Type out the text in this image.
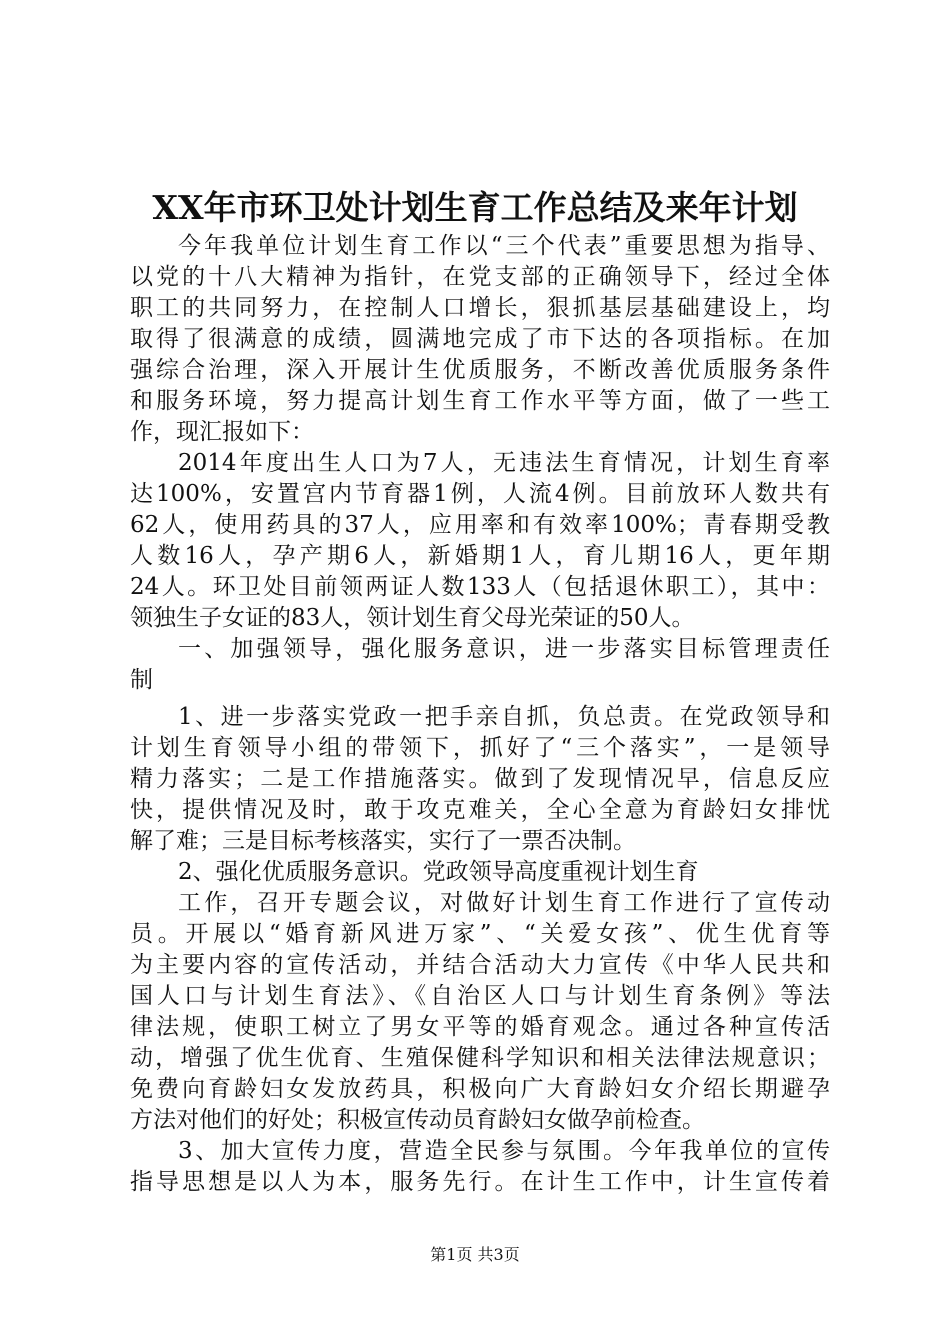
XX年市环卫处计划生育工作总结及来年计划
今年我单位计划生育工作以“三个代表”重要思想为指导、
以党的十八大精神为指针，在党支部的正确领导下，经过全体
职工的共同努力，在控制人口增长，狠抓基层基础建设上，均
取得了很满意的成绩，圆满地完成了市下达的各项指标。在加
强综合治理，深入开展计生优质服务，不断改善优质服务条件
和服务环境，努力提高计划生育工作水平等方面，做了一些工
作，现汇报如下：
2014年度出生人口为7人，无违法生育情况，计划生育率
达100%，安置宫内节育器1例，人流4例。目前放环人数共有
62人，使用药具的37人，应用率和有效率100%；青春期受教
人数16人，孕产期6人，新婚期1人，育儿期16人，更年期
24人。环卫处目前领两证人数133人（包括退休职工），其中：
领独生子女证的83人，领计划生育父母光荣证的50人。
一、加强领导，强化服务意识，进一步落实目标管理责任
制
1、进一步落实党政一把手亲自抓，负总责。在党政领导和
计划生育领导小组的带领下，抓好了“三个落实”，一是领导
精力落实；二是工作措施落实。做到了发现情况早，信息反应
快，提供情况及时，敢于攻克难关，全心全意为育龄妇女排忧
解了难；三是目标考核落实，实行了一票否决制。
2、强化优质服务意识。党政领导高度重视计划生育
工作，召开专题会议，对做好计划生育工作进行了宣传动
员。开展以“婚育新风进万家”、“关爱女孩”、优生优育等
为主要内容的宣传活动，并结合活动大力宣传《中华人民共和
国人口与计划生育法》、《自治区人口与计划生育条例》等法
律法规，使职工树立了男女平等的婚育观念。通过各种宣传活
动，增强了优生优育、生殖保健科学知识和相关法律法规意识；
免费向育龄妇女发放药具，积极向广大育龄妇女介绍长期避孕
方法对他们的好处；积极宣传动员育龄妇女做孕前检查。
3、加大宣传力度，营造全民参与氛围。今年我单位的宣传
指导思想是以人为本，服务先行。在计生工作中，计生宣传着
第1页 共3页
